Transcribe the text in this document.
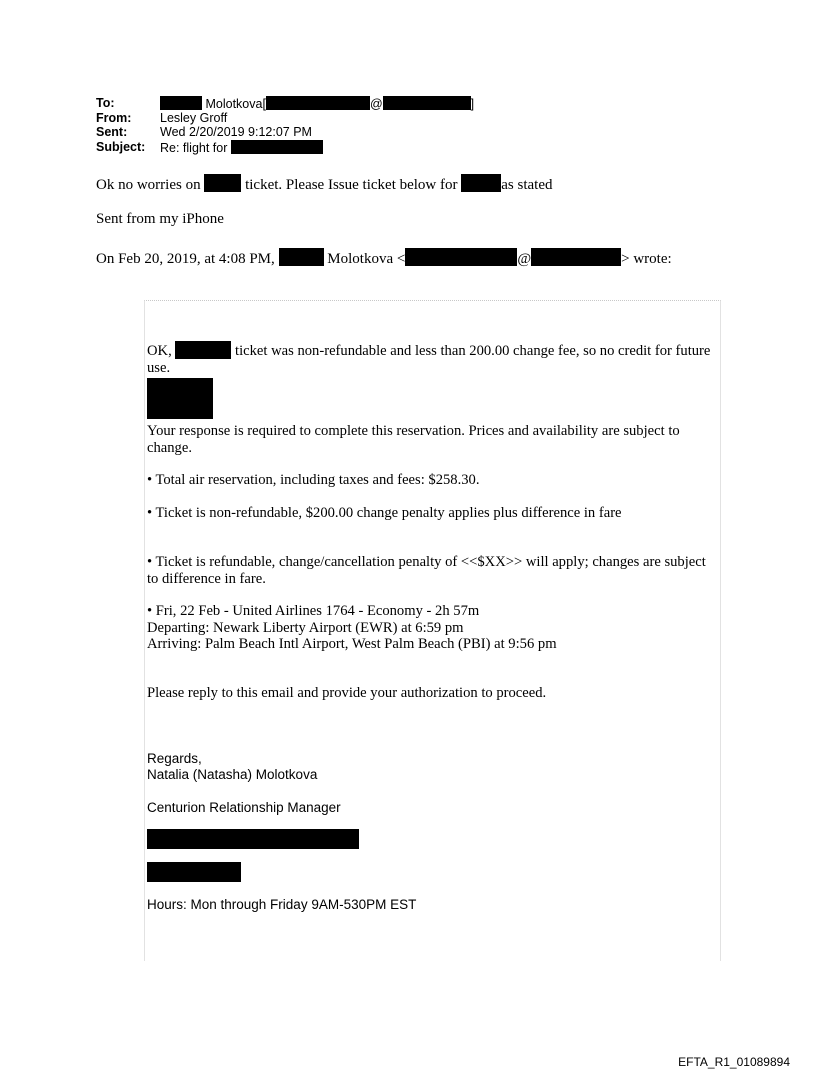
To:	Molotkova[	@	]
From: Lesley Groff
Sent:	Wed 2/20/2019 9:12:07 PM
Subject: Re: flight for
Ok no worries on	ticket. Please Issue ticket below for	as stated
Sent from my iPhone
On Feb 20, 2019, at 4:08 PM,	Molotkova <	@	> wrote:
OK,	ticket was non-refundable and less than 200.00 change fee, so no credit for future use.
Your response is required to complete this reservation. Prices and availability are subject to change.
• Total air reservation, including taxes and fees: $258.30.
• Ticket is non-refundable, $200.00 change penalty applies plus difference in fare
• Ticket is refundable, change/cancellation penalty of <<$XX>> will apply; changes are subject to difference in fare.
• Fri, 22 Feb - United Airlines 1764 - Economy - 2h 57m
Departing: Newark Liberty Airport (EWR) at 6:59 pm
Arriving: Palm Beach Intl Airport, West Palm Beach (PBI) at 9:56 pm
Please reply to this email and provide your authorization to proceed.
Regards,
Natalia (Natasha) Molotkova
Centurion Relationship Manager
Hours: Mon through Friday 9AM-530PM EST
EFTA_R1_01089894
